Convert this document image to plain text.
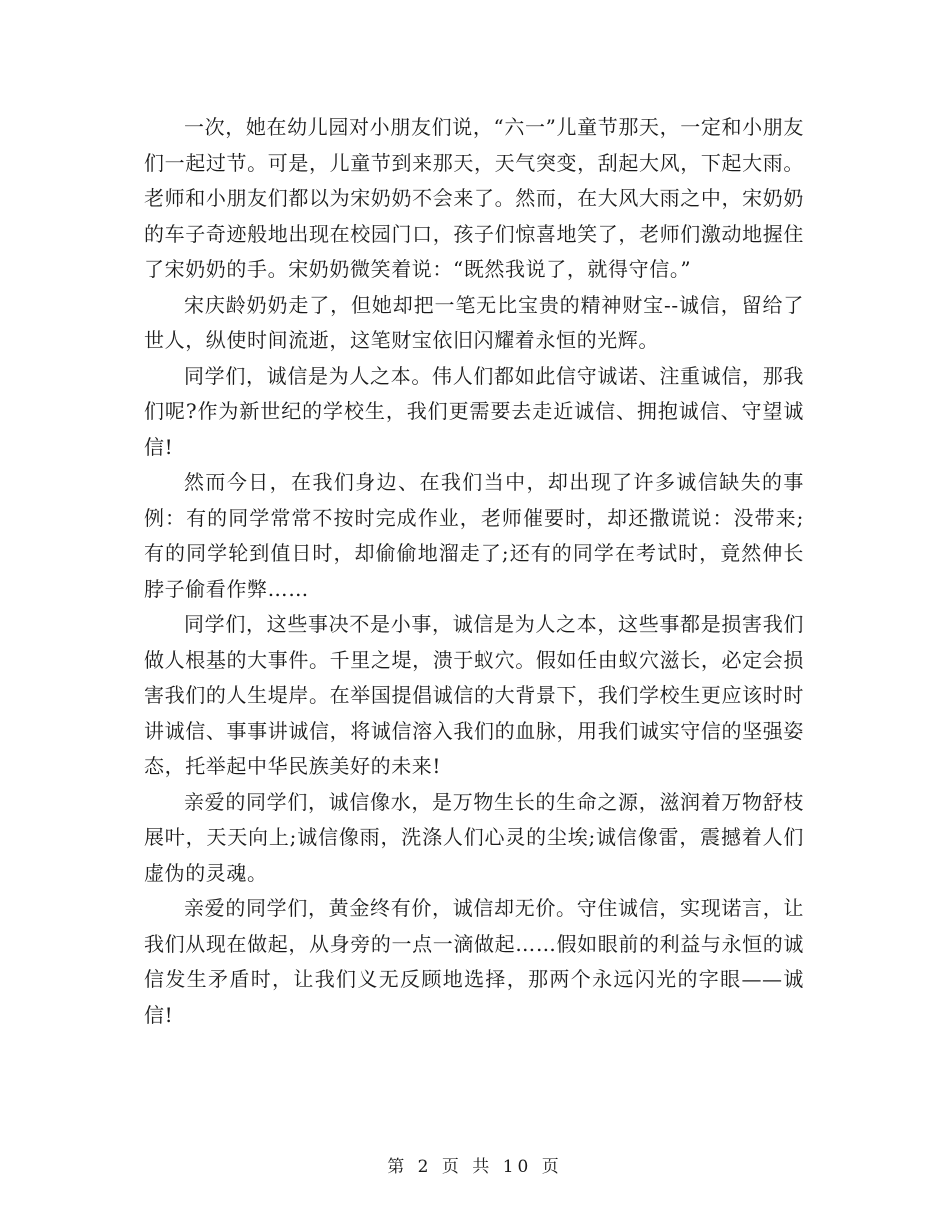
一次，她在幼儿园对小朋友们说，“六一”儿童节那天，一定和小朋友们一起过节。可是，儿童节到来那天，天气突变，刮起大风，下起大雨。老师和小朋友们都以为宋奶奶不会来了。然而，在大风大雨之中，宋奶奶的车子奇迹般地出现在校园门口，孩子们惊喜地笑了，老师们激动地握住了宋奶奶的手。宋奶奶微笑着说：“既然我说了，就得守信。”

宋庆龄奶奶走了，但她却把一笔无比宝贵的精神财宝--诚信，留给了世人，纵使时间流逝，这笔财宝依旧闪耀着永恒的光辉。

同学们，诚信是为人之本。伟人们都如此信守诚诺、注重诚信，那我们呢?作为新世纪的学校生，我们更需要去走近诚信、拥抱诚信、守望诚信!

然而今日，在我们身边、在我们当中，却出现了许多诚信缺失的事例：有的同学常常不按时完成作业，老师催要时，却还撒谎说：没带来;有的同学轮到值日时，却偷偷地溜走了;还有的同学在考试时，竟然伸长脖子偷看作弊……

同学们，这些事决不是小事，诚信是为人之本，这些事都是损害我们做人根基的大事件。千里之堤，溃于蚁穴。假如任由蚁穴滋长，必定会损害我们的人生堤岸。在举国提倡诚信的大背景下，我们学校生更应该时时讲诚信、事事讲诚信，将诚信溶入我们的血脉，用我们诚实守信的坚强姿态，托举起中华民族美好的未来!

亲爱的同学们，诚信像水，是万物生长的生命之源，滋润着万物舒枝展叶，天天向上;诚信像雨，洗涤人们心灵的尘埃;诚信像雷，震撼着人们虚伪的灵魂。

亲爱的同学们，黄金终有价，诚信却无价。守住诚信，实现诺言，让我们从现在做起，从身旁的一点一滴做起……假如眼前的利益与永恒的诚信发生矛盾时，让我们义无反顾地选择，那两个永远闪光的字眼——诚信!

第 2 页 共 10 页
